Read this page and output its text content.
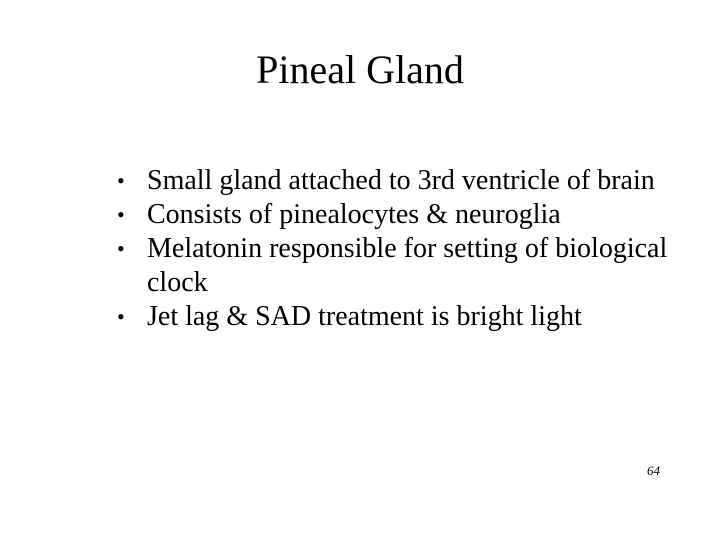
Pineal Gland
• Small gland attached to 3rd ventricle of brain
• Consists of pinealocytes & neuroglia
• Melatonin responsible for setting of biological clock
• Jet lag & SAD treatment is bright light
64
